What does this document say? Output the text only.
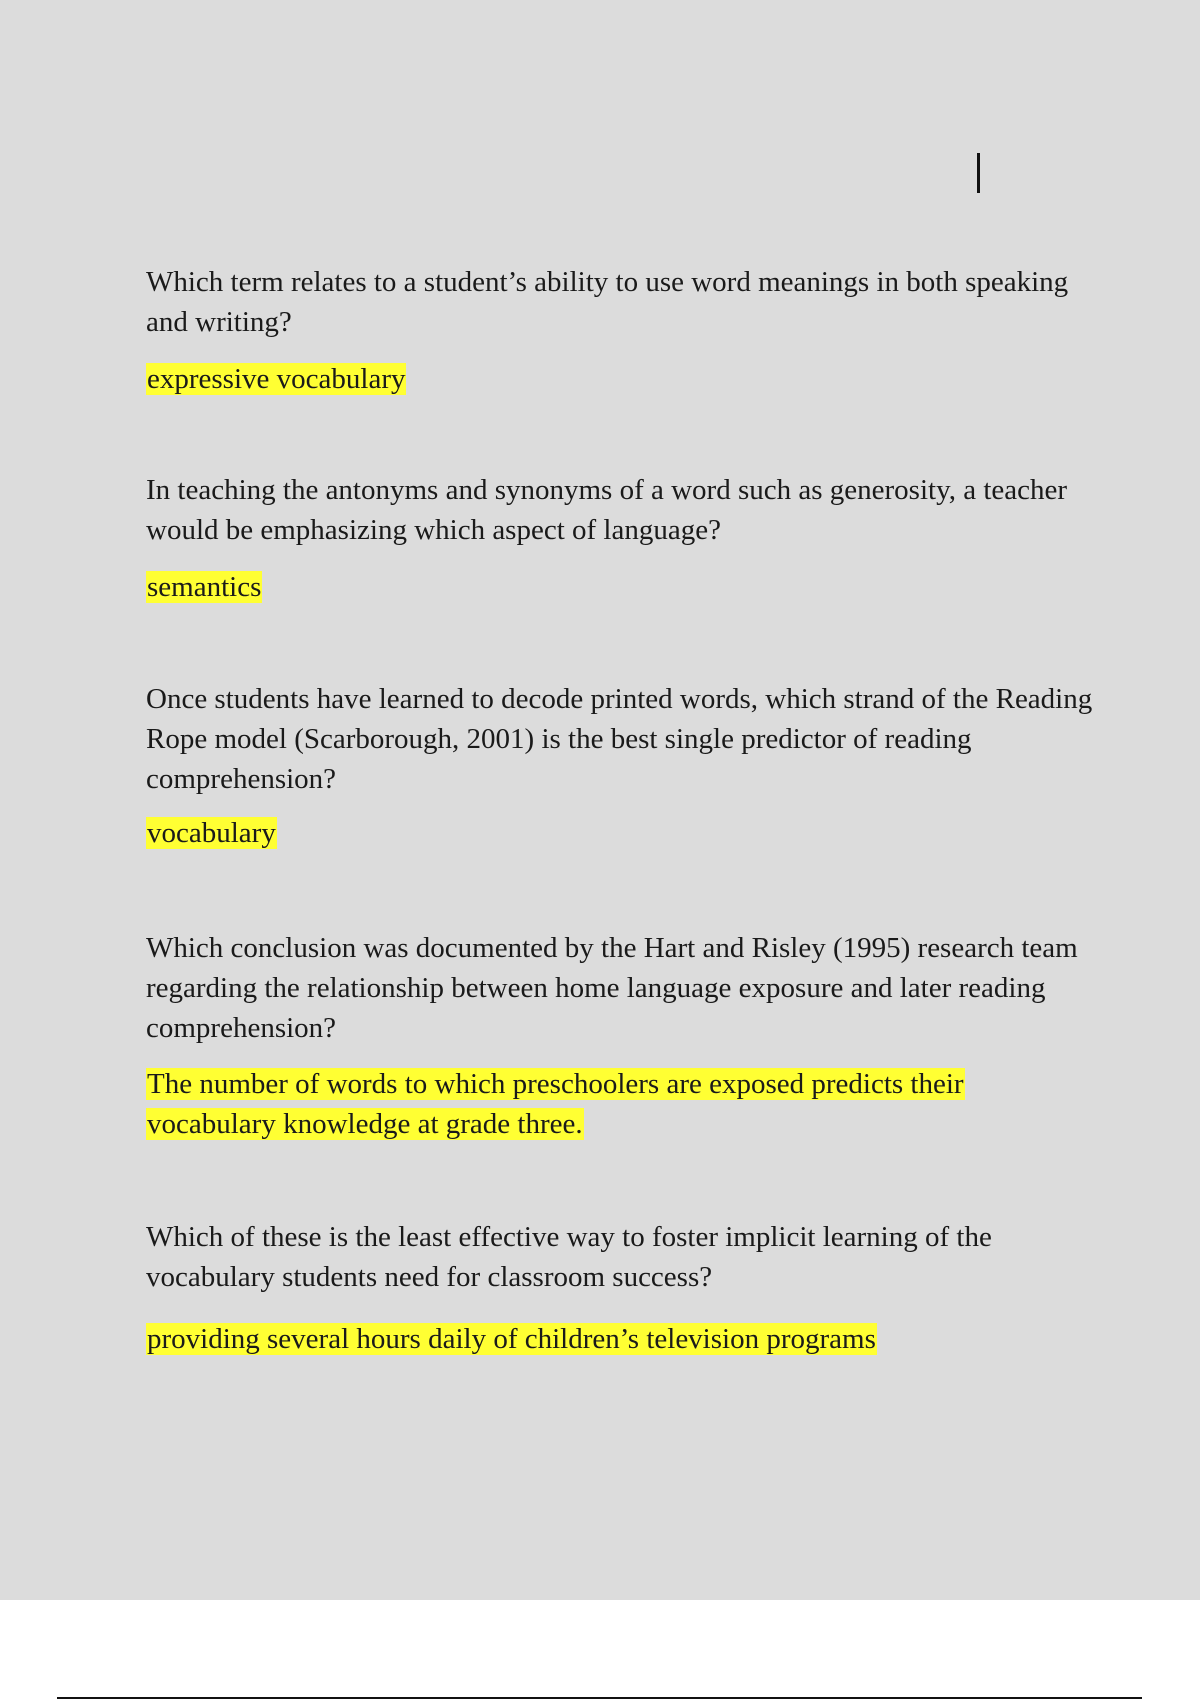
Which term relates to a student’s ability to use word meanings in both speaking and writing?

expressive vocabulary

In teaching the antonyms and synonyms of a word such as generosity, a teacher would be emphasizing which aspect of language?

semantics

Once students have learned to decode printed words, which strand of the Reading Rope model (Scarborough, 2001) is the best single predictor of reading comprehension?

vocabulary

Which conclusion was documented by the Hart and Risley (1995) research team regarding the relationship between home language exposure and later reading comprehension?

The number of words to which preschoolers are exposed predicts their vocabulary knowledge at grade three.

Which of these is the least effective way to foster implicit learning of the vocabulary students need for classroom success?

providing several hours daily of children’s television programs
